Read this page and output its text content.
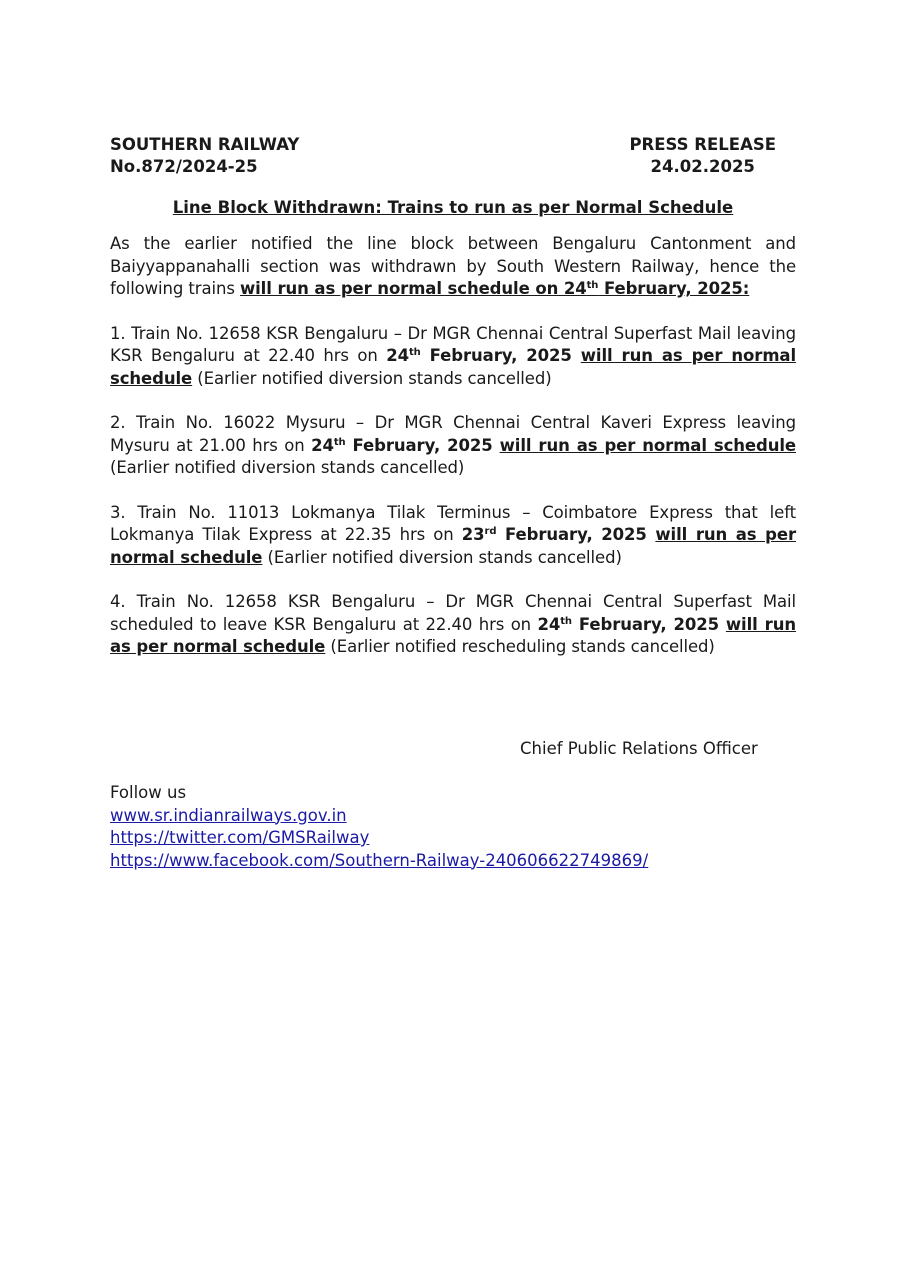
SOUTHERN RAILWAY
No.872/2024-25
PRESS RELEASE
24.02.2025
Line Block Withdrawn: Trains to run as per Normal Schedule
As the earlier notified the line block between Bengaluru Cantonment and Baiyyappanahalli section was withdrawn by South Western Railway, hence the following trains will run as per normal schedule on 24th February, 2025:
1. Train No. 12658 KSR Bengaluru – Dr MGR Chennai Central Superfast Mail leaving KSR Bengaluru at 22.40 hrs on 24th February, 2025 will run as per normal schedule (Earlier notified diversion stands cancelled)
2. Train No. 16022 Mysuru – Dr MGR Chennai Central Kaveri Express leaving Mysuru at 21.00 hrs on 24th February, 2025 will run as per normal schedule (Earlier notified diversion stands cancelled)
3. Train No. 11013 Lokmanya Tilak Terminus – Coimbatore Express that left Lokmanya Tilak Express at 22.35 hrs on 23rd February, 2025 will run as per normal schedule (Earlier notified diversion stands cancelled)
4. Train No. 12658 KSR Bengaluru – Dr MGR Chennai Central Superfast Mail scheduled to leave KSR Bengaluru at 22.40 hrs on 24th February, 2025 will run as per normal schedule (Earlier notified rescheduling stands cancelled)
Chief Public Relations Officer
Follow us
www.sr.indianrailways.gov.in
https://twitter.com/GMSRailway
https://www.facebook.com/Southern-Railway-240606622749869/
